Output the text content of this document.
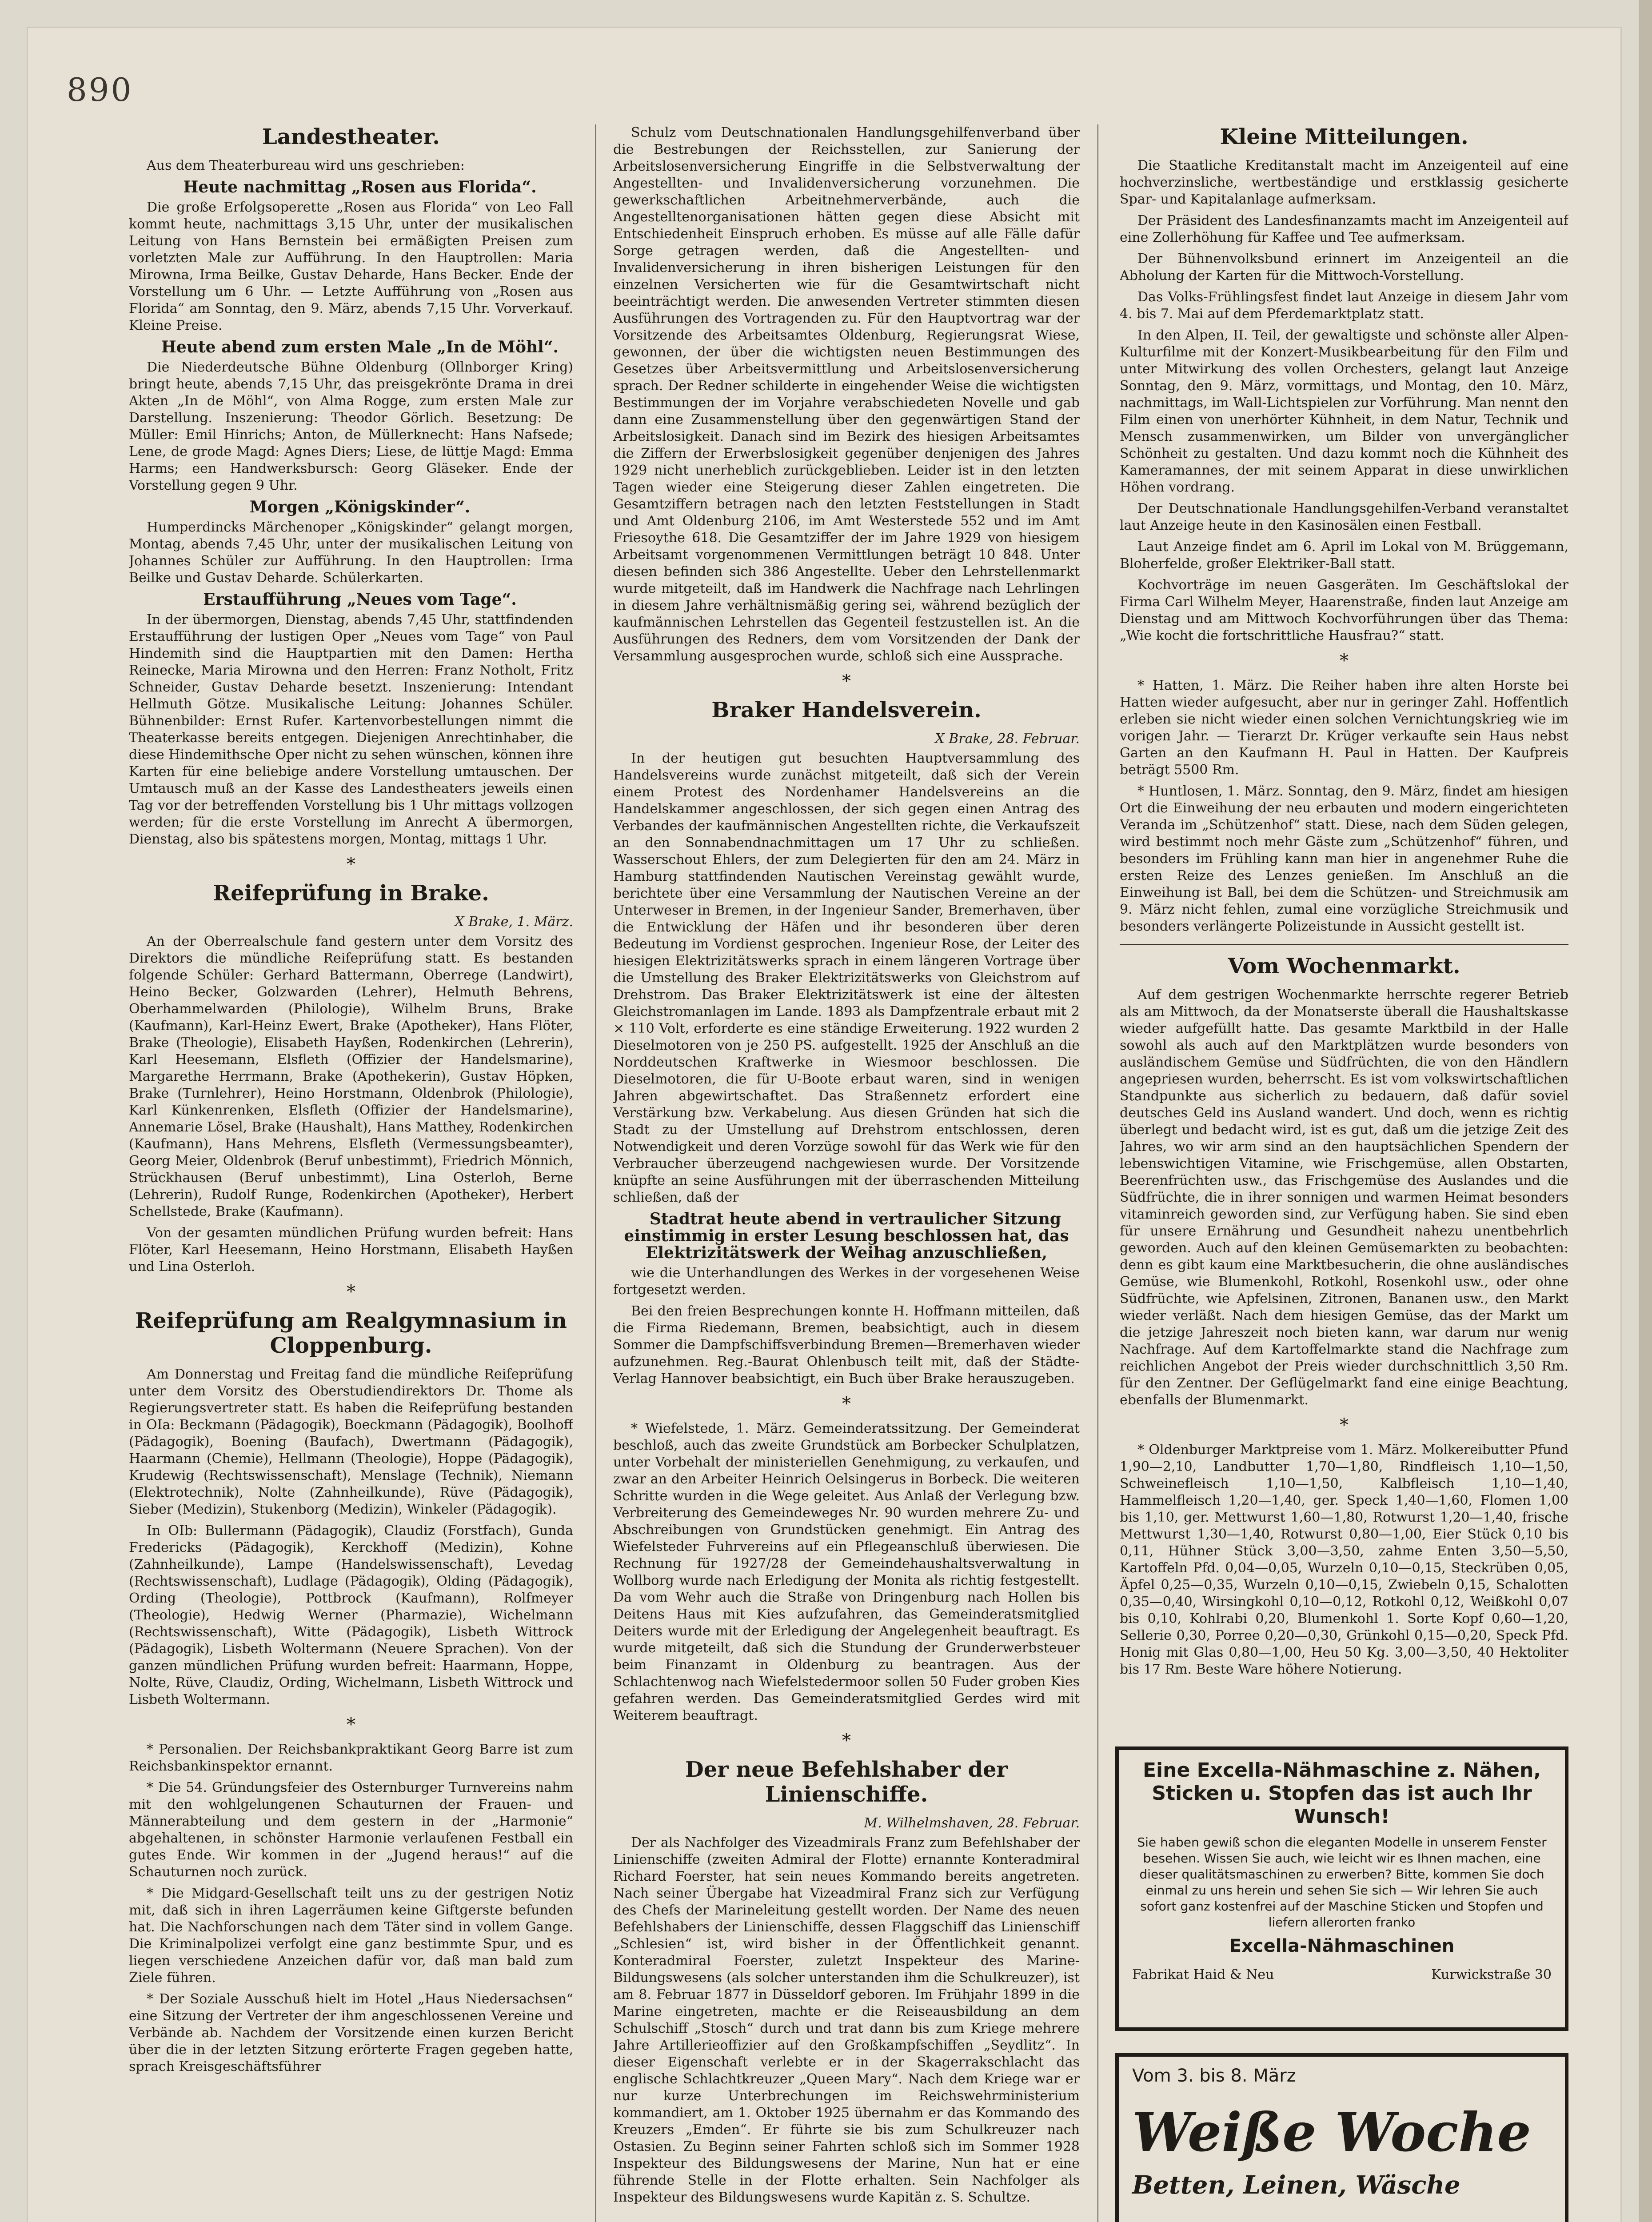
890
Landestheater.

Aus dem Theaterbureau wird uns geschrieben:

Heute nachmittag „Rosen aus Florida“.

Die große Erfolgsoperette „Rosen aus Florida“ von Leo Fall kommt heute, nachmittags 3,15 Uhr, unter der musikalischen Leitung von Hans Bernstein bei ermäßigten Preisen zum vorletzten Male zur Aufführung. In den Hauptrollen: Maria Mirowna, Irma Beilke, Gustav Deharde, Hans Becker. Ende der Vorstellung um 6 Uhr. — Letzte Aufführung von „Rosen aus Florida“ am Sonntag, den 9. März, abends 7,15 Uhr. Vorverkauf. Kleine Preise.

Heute abend zum ersten Male „In de Möhl“.

Die Niederdeutsche Bühne Oldenburg (Ollnborger Kring) bringt heute, abends 7,15 Uhr, das preisgekrönte Drama in drei Akten „In de Möhl“, von Alma Rogge, zum ersten Male zur Darstellung. Inszenierung: Theodor Görlich. Besetzung: De Müller: Emil Hinrichs; Anton, de Müllerknecht: Hans Nafsede; Lene, de grode Magd: Agnes Diers; Liese, de lüttje Magd: Emma Harms; een Handwerksbursch: Georg Gläseker. Ende der Vorstellung gegen 9 Uhr.

Morgen „Königskinder“.

Humperdincks Märchenoper „Königskinder“ gelangt morgen, Montag, abends 7,45 Uhr, unter der musikalischen Leitung von Johannes Schüler zur Aufführung. In den Hauptrollen: Irma Beilke und Gustav Deharde. Schülerkarten.

Erstaufführung „Neues vom Tage“.

In der übermorgen, Dienstag, abends 7,45 Uhr, stattfindenden Erstaufführung der lustigen Oper „Neues vom Tage“ von Paul Hindemith sind die Hauptpartien mit den Damen: Hertha Reinecke, Maria Mirowna und den Herren: Franz Notholt, Fritz Schneider, Gustav Deharde besetzt. Inszenierung: Intendant Hellmuth Götze. Musikalische Leitung: Johannes Schüler. Bühnenbilder: Ernst Rufer. Kartenvorbestellungen nimmt die Theaterkasse bereits entgegen. Diejenigen Anrechtinhaber, die diese Hindemithsche Oper nicht zu sehen wünschen, können ihre Karten für eine beliebige andere Vorstellung umtauschen. Der Umtausch muß an der Kasse des Landestheaters jeweils einen Tag vor der betreffenden Vorstellung bis 1 Uhr mittags vollzogen werden; für die erste Vorstellung im Anrecht A übermorgen, Dienstag, also bis spätestens morgen, Montag, mittags 1 Uhr.

*
Reifeprüfung in Brake.
X Brake, 1. März.

An der Oberrealschule fand gestern unter dem Vorsitz des Direktors die mündliche Reifeprüfung statt. Es bestanden folgende Schüler: Gerhard Battermann, Oberrege (Landwirt), Heino Becker, Golzwarden (Lehrer), Helmuth Behrens, Oberhammelwarden (Philologie), Wilhelm Bruns, Brake (Kaufmann), Karl-Heinz Ewert, Brake (Apotheker), Hans Flöter, Brake (Theologie), Elisabeth Hayßen, Rodenkirchen (Lehrerin), Karl Heesemann, Elsfleth (Offizier der Handelsmarine), Margarethe Herrmann, Brake (Apothekerin), Gustav Höpken, Brake (Turnlehrer), Heino Horstmann, Oldenbrok (Philologie), Karl Künkenrenken, Elsfleth (Offizier der Handelsmarine), Annemarie Lösel, Brake (Haushalt), Hans Matthey, Rodenkirchen (Kaufmann), Hans Mehrens, Elsfleth (Vermessungsbeamter), Georg Meier, Oldenbrok (Beruf unbestimmt), Friedrich Mönnich, Strückhausen (Beruf unbestimmt), Lina Osterloh, Berne (Lehrerin), Rudolf Runge, Rodenkirchen (Apotheker), Herbert Schellstede, Brake (Kaufmann).

Von der gesamten mündlichen Prüfung wurden befreit: Hans Flöter, Karl Heesemann, Heino Horstmann, Elisabeth Hayßen und Lina Osterloh.

*
Reifeprüfung am Realgymnasium in Cloppenburg.

Am Donnerstag und Freitag fand die mündliche Reifeprüfung unter dem Vorsitz des Oberstudiendirektors Dr. Thome als Regierungsvertreter statt. Es haben die Reifeprüfung bestanden in OIa: Beckmann (Pädagogik), Boeckmann (Pädagogik), Boolhoff (Pädagogik), Boening (Baufach), Dwertmann (Pädagogik), Haarmann (Chemie), Hellmann (Theologie), Hoppe (Pädagogik), Krudewig (Rechtswissenschaft), Menslage (Technik), Niemann (Elektrotechnik), Nolte (Zahnheilkunde), Rüve (Pädagogik), Sieber (Medizin), Stukenborg (Medizin), Winkeler (Pädagogik).

In OIb: Bullermann (Pädagogik), Claudiz (Forstfach), Gunda Fredericks (Pädagogik), Kerckhoff (Medizin), Kohne (Zahnheilkunde), Lampe (Handelswissenschaft), Levedag (Rechtswissenschaft), Ludlage (Pädagogik), Olding (Pädagogik), Ording (Theologie), Pottbrock (Kaufmann), Rolfmeyer (Theologie), Hedwig Werner (Pharmazie), Wichelmann (Rechtswissenschaft), Witte (Pädagogik), Lisbeth Wittrock (Pädagogik), Lisbeth Woltermann (Neuere Sprachen). Von der ganzen mündlichen Prüfung wurden befreit: Haarmann, Hoppe, Nolte, Rüve, Claudiz, Ording, Wichelmann, Lisbeth Wittrock und Lisbeth Woltermann.

*

* Personalien. Der Reichsbankpraktikant Georg Barre ist zum Reichsbankinspektor ernannt.

* Die 54. Gründungsfeier des Osternburger Turnvereins nahm mit den wohlgelungenen Schauturnen der Frauen- und Männerabteilung und dem gestern in der „Harmonie“ abgehaltenen, in schönster Harmonie verlaufenen Festball ein gutes Ende. Wir kommen in der „Jugend heraus!“ auf die Schauturnen noch zurück.

* Die Midgard-Gesellschaft teilt uns zu der gestrigen Notiz mit, daß sich in ihren Lagerräumen keine Giftgerste befunden hat. Die Nachforschungen nach dem Täter sind in vollem Gange. Die Kriminalpolizei verfolgt eine ganz bestimmte Spur, und es liegen verschiedene Anzeichen dafür vor, daß man bald zum Ziele führen.

* Der Soziale Ausschuß hielt im Hotel „Haus Niedersachsen“ eine Sitzung der Vertreter der ihm angeschlossenen Vereine und Verbände ab. Nachdem der Vorsitzende einen kurzen Bericht über die in der letzten Sitzung erörterte Fragen gegeben hatte, sprach Kreisgeschäftsführer

Schulz vom Deutschnationalen Handlungsgehilfenverband über die Bestrebungen der Reichsstellen, zur Sanierung der Arbeitslosenversicherung Eingriffe in die Selbstverwaltung der Angestellten- und Invalidenversicherung vorzunehmen. Die gewerkschaftlichen Arbeitnehmerverbände, auch die Angestelltenorganisationen hätten gegen diese Absicht mit Entschiedenheit Einspruch erhoben. Es müsse auf alle Fälle dafür Sorge getragen werden, daß die Angestellten- und Invalidenversicherung in ihren bisherigen Leistungen für den einzelnen Versicherten wie für die Gesamtwirtschaft nicht beeinträchtigt werden. Die anwesenden Vertreter stimmten diesen Ausführungen des Vortragenden zu. Für den Hauptvortrag war der Vorsitzende des Arbeitsamtes Oldenburg, Regierungsrat Wiese, gewonnen, der über die wichtigsten neuen Bestimmungen des Gesetzes über Arbeitsvermittlung und Arbeitslosenversicherung sprach. Der Redner schilderte in eingehender Weise die wichtigsten Bestimmungen der im Vorjahre verabschiedeten Novelle und gab dann eine Zusammenstellung über den gegenwärtigen Stand der Arbeitslosigkeit. Danach sind im Bezirk des hiesigen Arbeitsamtes die Ziffern der Erwerbslosigkeit gegenüber denjenigen des Jahres 1929 nicht unerheblich zurückgeblieben. Leider ist in den letzten Tagen wieder eine Steigerung dieser Zahlen eingetreten. Die Gesamtziffern betragen nach den letzten Feststellungen in Stadt und Amt Oldenburg 2106, im Amt Westerstede 552 und im Amt Friesoythe 618. Die Gesamtziffer der im Jahre 1929 von hiesigem Arbeitsamt vorgenommenen Vermittlungen beträgt 10 848. Unter diesen befinden sich 386 Angestellte. Ueber den Lehrstellenmarkt wurde mitgeteilt, daß im Handwerk die Nachfrage nach Lehrlingen in diesem Jahre verhältnismäßig gering sei, während bezüglich der kaufmännischen Lehrstellen das Gegenteil festzustellen ist. An die Ausführungen des Redners, dem vom Vorsitzenden der Dank der Versammlung ausgesprochen wurde, schloß sich eine Aussprache.

*
Braker Handelsverein.
X Brake, 28. Februar.

In der heutigen gut besuchten Hauptversammlung des Handelsvereins wurde zunächst mitgeteilt, daß sich der Verein einem Protest des Nordenhamer Handelsvereins an die Handelskammer angeschlossen, der sich gegen einen Antrag des Verbandes der kaufmännischen Angestellten richte, die Verkaufszeit an den Sonnabendnachmittagen um 17 Uhr zu schließen. Wasserschout Ehlers, der zum Delegierten für den am 24. März in Hamburg stattfindenden Nautischen Vereinstag gewählt wurde, berichtete über eine Versammlung der Nautischen Vereine an der Unterweser in Bremen, in der Ingenieur Sander, Bremerhaven, über die Entwicklung der Häfen und ihr besonderen über deren Bedeutung im Vordienst gesprochen. Ingenieur Rose, der Leiter des hiesigen Elektrizitätswerks sprach in einem längeren Vortrage über die Umstellung des Braker Elektrizitätswerks von Gleichstrom auf Drehstrom. Das Braker Elektrizitätswerk ist eine der ältesten Gleichstromanlagen im Lande. 1893 als Dampfzentrale erbaut mit 2 × 110 Volt, erforderte es eine ständige Erweiterung. 1922 wurden 2 Dieselmotoren von je 250 PS. aufgestellt. 1925 der Anschluß an die Norddeutschen Kraftwerke in Wiesmoor beschlossen. Die Dieselmotoren, die für U-Boote erbaut waren, sind in wenigen Jahren abgewirtschaftet. Das Straßennetz erfordert eine Verstärkung bzw. Verkabelung. Aus diesen Gründen hat sich die Stadt zu der Umstellung auf Drehstrom entschlossen, deren Notwendigkeit und deren Vorzüge sowohl für das Werk wie für den Verbraucher überzeugend nachgewiesen wurde. Der Vorsitzende knüpfte an seine Ausführungen mit der überraschenden Mitteilung schließen, daß der

Stadtrat heute abend in vertraulicher Sitzung einstimmig in erster Lesung beschlossen hat, das Elektrizitätswerk der Weihag anzuschließen,

wie die Unterhandlungen des Werkes in der vorgesehenen Weise fortgesetzt werden.

Bei den freien Besprechungen konnte H. Hoffmann mitteilen, daß die Firma Riedemann, Bremen, beabsichtigt, auch in diesem Sommer die Dampfschiffsverbindung Bremen—Bremerhaven wieder aufzunehmen. Reg.-Baurat Ohlenbusch teilt mit, daß der Städte-Verlag Hannover beabsichtigt, ein Buch über Brake herauszugeben.

*

* Wiefelstede, 1. März. Gemeinderatssitzung. Der Gemeinderat beschloß, auch das zweite Grundstück am Borbecker Schulplatzen, unter Vorbehalt der ministeriellen Genehmigung, zu verkaufen, und zwar an den Arbeiter Heinrich Oelsingerus in Borbeck. Die weiteren Schritte wurden in die Wege geleitet. Aus Anlaß der Verlegung bzw. Verbreiterung des Gemeindeweges Nr. 90 wurden mehrere Zu- und Abschreibungen von Grundstücken genehmigt. Ein Antrag des Wiefelsteder Fuhrvereins auf ein Pflegeanschluß überwiesen. Die Rechnung für 1927/28 der Gemeindehaushaltsverwaltung in Wollborg wurde nach Erledigung der Monita als richtig festgestellt. Da vom Wehr auch die Straße von Dringenburg nach Hollen bis Deitens Haus mit Kies aufzufahren, das Gemeinderatsmitglied Deiters wurde mit der Erledigung der Angelegenheit beauftragt. Es wurde mitgeteilt, daß sich die Stundung der Grunderwerbsteuer beim Finanzamt in Oldenburg zu beantragen. Aus der Schlachtenwog nach Wiefelstedermoor sollen 50 Fuder groben Kies gefahren werden. Das Gemeinderatsmitglied Gerdes wird mit Weiterem beauftragt.

*
Der neue Befehlshaber der Linienschiffe.
M. Wilhelmshaven, 28. Februar.

Der als Nachfolger des Vizeadmirals Franz zum Befehlshaber der Linienschiffe (zweiten Admiral der Flotte) ernannte Konteradmiral Richard Foerster, hat sein neues Kommando bereits angetreten. Nach seiner Übergabe hat Vizeadmiral Franz sich zur Verfügung des Chefs der Marineleitung gestellt worden. Der Name des neuen Befehlshabers der Linienschiffe, dessen Flaggschiff das Linienschiff „Schlesien“ ist, wird bisher in der Öffentlichkeit genannt. Konteradmiral Foerster, zuletzt Inspekteur des Marine-Bildungswesens (als solcher unterstanden ihm die Schulkreuzer), ist am 8. Februar 1877 in Düsseldorf geboren. Im Frühjahr 1899 in die Marine eingetreten, machte er die Reiseausbildung an dem Schulschiff „Stosch“ durch und trat dann bis zum Kriege mehrere Jahre Artillerieoffizier auf den Großkampfschiffen „Seydlitz“. In dieser Eigenschaft verlebte er in der Skagerrakschlacht das englische Schlachtkreuzer „Queen Mary“. Nach dem Kriege war er nur kurze Unterbrechungen im Reichswehrministerium kommandiert, am 1. Oktober 1925 übernahm er das Kommando des Kreuzers „Emden“. Er führte sie bis zum Schulkreuzer nach Ostasien. Zu Beginn seiner Fahrten schloß sich im Sommer 1928 Inspekteur des Bildungswesens der Marine, Nun hat er eine führende Stelle in der Flotte erhalten. Sein Nachfolger als Inspekteur des Bildungswesens wurde Kapitän z. S. Schultze.

Kleine Mitteilungen.

Die Staatliche Kreditanstalt macht im Anzeigenteil auf eine hochverzinsliche, wertbeständige und erstklassig gesicherte Spar- und Kapitalanlage aufmerksam.

Der Präsident des Landesfinanzamts macht im Anzeigenteil auf eine Zollerhöhung für Kaffee und Tee aufmerksam.

Der Bühnenvolksbund erinnert im Anzeigenteil an die Abholung der Karten für die Mittwoch-Vorstellung.

Das Volks-Frühlingsfest findet laut Anzeige in diesem Jahr vom 4. bis 7. Mai auf dem Pferdemarktplatz statt.

In den Alpen, II. Teil, der gewaltigste und schönste aller Alpen-Kulturfilme mit der Konzert-Musikbearbeitung für den Film und unter Mitwirkung des vollen Orchesters, gelangt laut Anzeige Sonntag, den 9. März, vormittags, und Montag, den 10. März, nachmittags, im Wall-Lichtspielen zur Vorführung. Man nennt den Film einen von unerhörter Kühnheit, in dem Natur, Technik und Mensch zusammenwirken, um Bilder von unvergänglicher Schönheit zu gestalten. Und dazu kommt noch die Kühnheit des Kameramannes, der mit seinem Apparat in diese unwirklichen Höhen vordrang.

Der Deutschnationale Handlungsgehilfen-Verband veranstaltet laut Anzeige heute in den Kasinosälen einen Festball.

Laut Anzeige findet am 6. April im Lokal von M. Brüggemann, Bloherfelde, großer Elektriker-Ball statt.

Kochvorträge im neuen Gasgeräten. Im Geschäftslokal der Firma Carl Wilhelm Meyer, Haarenstraße, finden laut Anzeige am Dienstag und am Mittwoch Kochvorführungen über das Thema: „Wie kocht die fortschrittliche Hausfrau?“ statt.

*

* Hatten, 1. März. Die Reiher haben ihre alten Horste bei Hatten wieder aufgesucht, aber nur in geringer Zahl. Hoffentlich erleben sie nicht wieder einen solchen Vernichtungskrieg wie im vorigen Jahr. — Tierarzt Dr. Krüger verkaufte sein Haus nebst Garten an den Kaufmann H. Paul in Hatten. Der Kaufpreis beträgt 5500 Rm.

* Huntlosen, 1. März. Sonntag, den 9. März, findet am hiesigen Ort die Einweihung der neu erbauten und modern eingerichteten Veranda im „Schützenhof“ statt. Diese, nach dem Süden gelegen, wird bestimmt noch mehr Gäste zum „Schützenhof“ führen, und besonders im Frühling kann man hier in angenehmer Ruhe die ersten Reize des Lenzes genießen. Im Anschluß an die Einweihung ist Ball, bei dem die Schützen- und Streichmusik am 9. März nicht fehlen, zumal eine vorzügliche Streichmusik und besonders verlängerte Polizeistunde in Aussicht gestellt ist.

Vom Wochenmarkt.

Auf dem gestrigen Wochenmarkte herrschte regerer Betrieb als am Mittwoch, da der Monatserste überall die Haushaltskasse wieder aufgefüllt hatte. Das gesamte Marktbild in der Halle sowohl als auch auf den Marktplätzen wurde besonders von ausländischem Gemüse und Südfrüchten, die von den Händlern angepriesen wurden, beherrscht. Es ist vom volkswirtschaftlichen Standpunkte aus sicherlich zu bedauern, daß dafür soviel deutsches Geld ins Ausland wandert. Und doch, wenn es richtig überlegt und bedacht wird, ist es gut, daß um die jetzige Zeit des Jahres, wo wir arm sind an den hauptsächlichen Spendern der lebenswichtigen Vitamine, wie Frischgemüse, allen Obstarten, Beerenfrüchten usw., das Frischgemüse des Auslandes und die Südfrüchte, die in ihrer sonnigen und warmen Heimat besonders vitaminreich geworden sind, zur Verfügung haben. Sie sind eben für unsere Ernährung und Gesundheit nahezu unentbehrlich geworden. Auch auf den kleinen Gemüsemarkten zu beobachten: denn es gibt kaum eine Marktbesucherin, die ohne ausländisches Gemüse, wie Blumenkohl, Rotkohl, Rosenkohl usw., oder ohne Südfrüchte, wie Apfelsinen, Zitronen, Bananen usw., den Markt wieder verläßt. Nach dem hiesigen Gemüse, das der Markt um die jetzige Jahreszeit noch bieten kann, war darum nur wenig Nachfrage. Auf dem Kartoffelmarkte stand die Nachfrage zum reichlichen Angebot der Preis wieder durchschnittlich 3,50 Rm. für den Zentner. Der Geflügelmarkt fand eine einige Beachtung, ebenfalls der Blumenmarkt.

*

* Oldenburger Marktpreise vom 1. März. Molkereibutter Pfund 1,90—2,10, Landbutter 1,70—1,80, Rindfleisch 1,10—1,50, Schweinefleisch 1,10—1,50, Kalbfleisch 1,10—1,40, Hammelfleisch 1,20—1,40, ger. Speck 1,40—1,60, Flomen 1,00 bis 1,10, ger. Mettwurst 1,60—1,80, Rotwurst 1,20—1,40, frische Mettwurst 1,30—1,40, Rotwurst 0,80—1,00, Eier Stück 0,10 bis 0,11, Hühner Stück 3,00—3,50, zahme Enten 3,50—5,50, Kartoffeln Pfd. 0,04—0,05, Wurzeln 0,10—0,15, Steckrüben 0,05, Äpfel 0,25—0,35, Wurzeln 0,10—0,15, Zwiebeln 0,15, Schalotten 0,35—0,40, Wirsingkohl 0,10—0,12, Rotkohl 0,12, Weißkohl 0,07 bis 0,10, Kohlrabi 0,20, Blumenkohl 1. Sorte Kopf 0,60—1,20, Sellerie 0,30, Porree 0,20—0,30, Grünkohl 0,15—0,20, Speck Pfd. Honig mit Glas 0,80—1,00, Heu 50 Kg. 3,00—3,50, 40 Hektoliter bis 17 Rm. Beste Ware höhere Notierung.

Eine Excella-Nähmaschine z. Nähen, Sticken u. Stopfen das ist auch Ihr Wunsch!
Sie haben gewiß schon die eleganten Modelle in unserem Fenster besehen. Wissen Sie auch, wie leicht wir es Ihnen machen, eine dieser qualitätsmaschinen zu erwerben? Bitte, kommen Sie doch einmal zu uns herein und sehen Sie sich — Wir lehren Sie auch sofort ganz kostenfrei auf der Maschine Sticken und Stopfen und liefern allerorten franko
Excella-Nähmaschinen
Fabrikat Haid & Neu	Kurwickstraße 30
Vom 3. bis 8. März
Weiße Woche
Betten, Leinen, Wäsche
